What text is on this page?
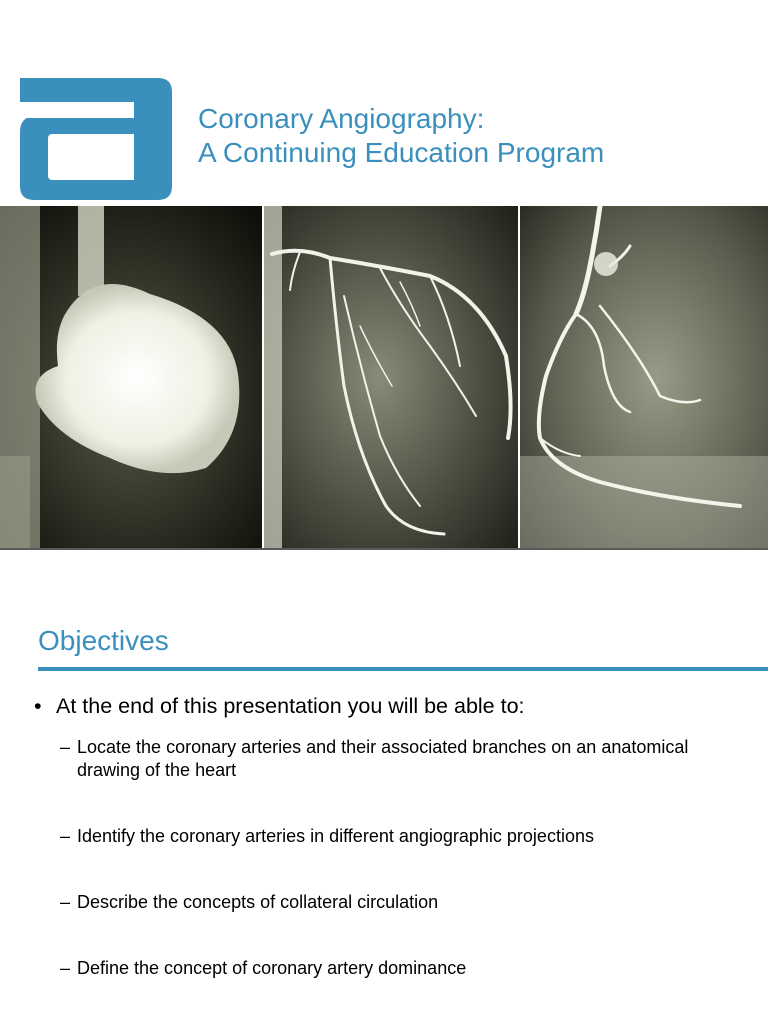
Coronary Angiography:
A Continuing Education Program
Objectives
• At the end of this presentation you will be able to:
– Locate the coronary arteries and their associated branches on an anatomical drawing of the heart
– Identify the coronary arteries in different angiographic projections
– Describe the concepts of collateral circulation
– Define the concept of coronary artery dominance
